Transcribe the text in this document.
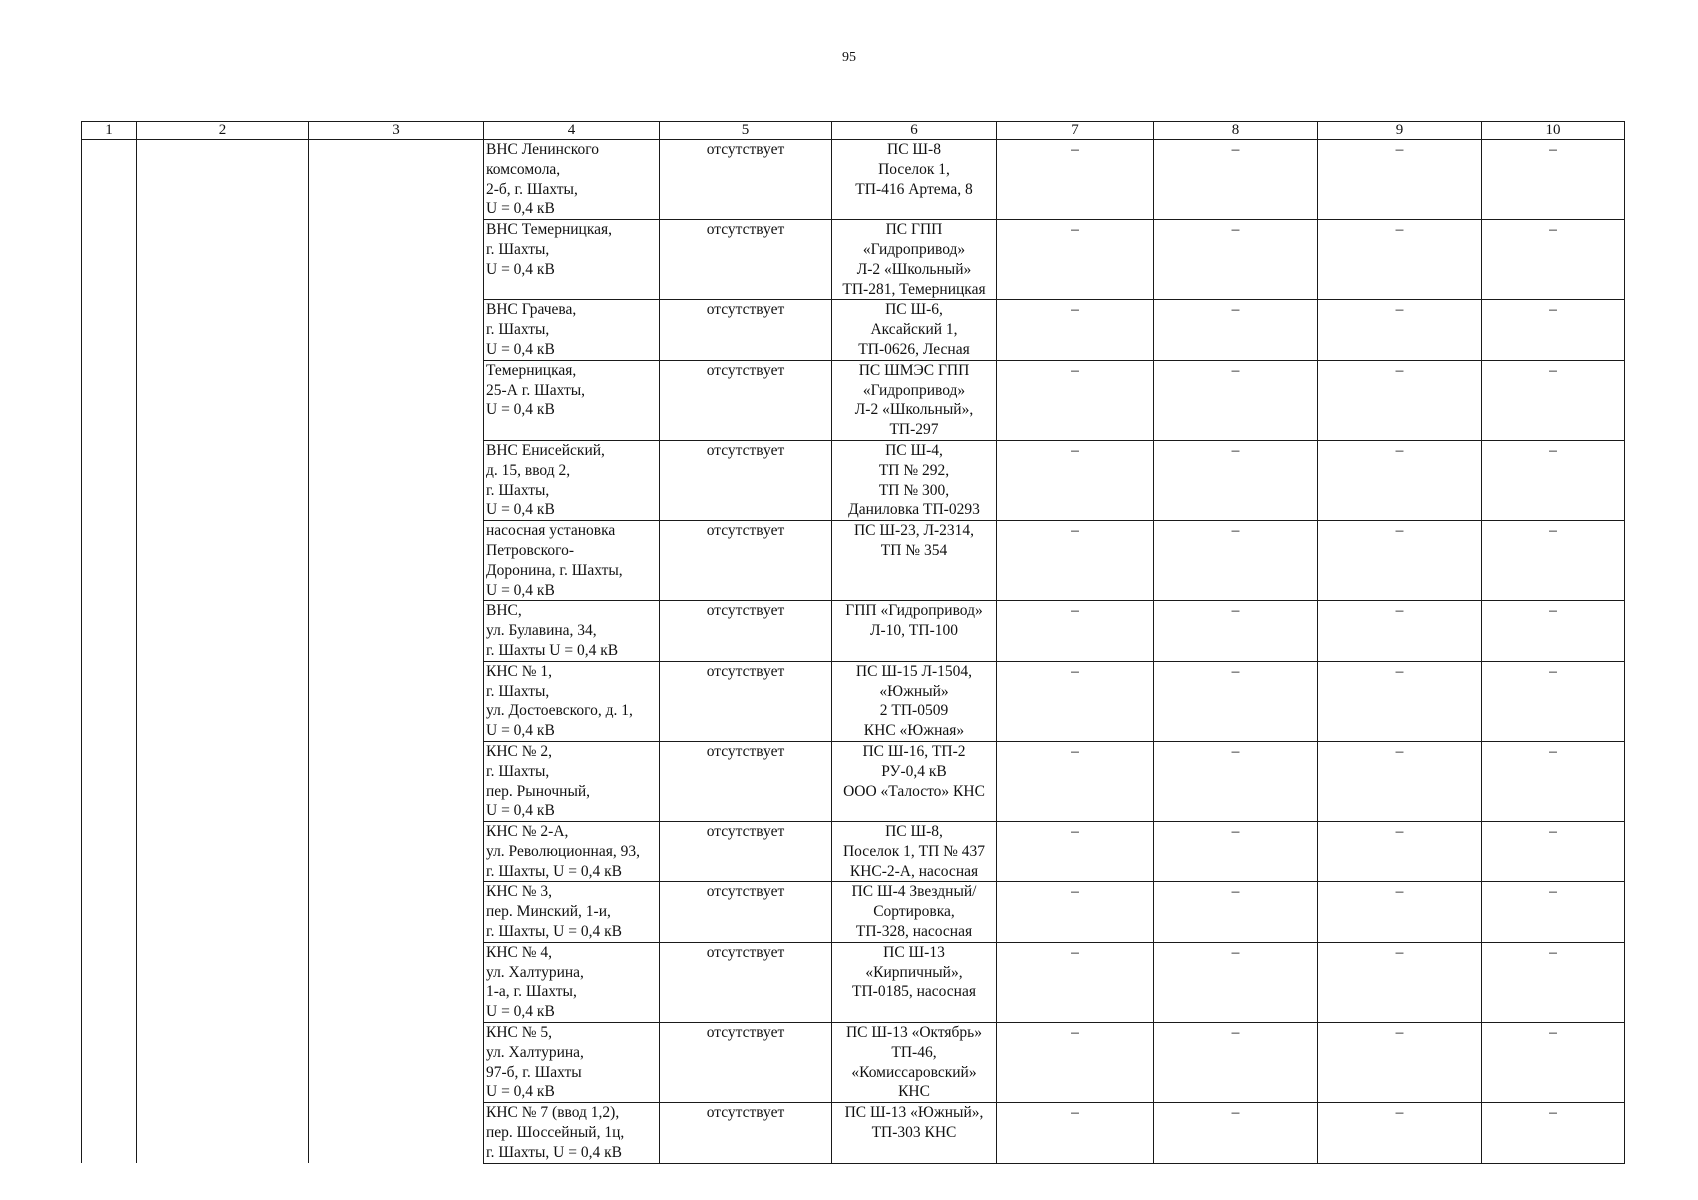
95
1	2	3	4	5	6	7	8	9	10

			ВНС Ленинского
комсомола,
2-б, г. Шахты,
U = 0,4 кВ	отсутствует	ПС Ш-8
Поселок 1,
ТП-416 Артема, 8	–	–	–	–

			ВНС Темерницкая,
г. Шахты,
U = 0,4 кВ	отсутствует	ПС ГПП
«Гидропривод»
Л-2 «Школьный»
ТП-281, Темерницкая	–	–	–	–

			ВНС Грачева,
г. Шахты,
U = 0,4 кВ	отсутствует	ПС Ш-6,
Аксайский 1,
ТП-0626, Лесная	–	–	–	–

			Темерницкая,
25-А г. Шахты,
U = 0,4 кВ	отсутствует	ПС ШМЭС ГПП
«Гидропривод»
Л-2 «Школьный»,
ТП-297	–	–	–	–

			ВНС Енисейский,
д. 15, ввод 2,
г. Шахты,
U = 0,4 кВ	отсутствует	ПС Ш-4,
ТП № 292,
ТП № 300,
Даниловка ТП-0293	–	–	–	–

			насосная установка
Петровского-
Доронина, г. Шахты,
U = 0,4 кВ	отсутствует	ПС Ш-23, Л-2314,
ТП № 354	–	–	–	–

			ВНС,
ул. Булавина, 34,
г. Шахты U = 0,4 кВ	отсутствует	ГПП «Гидропривод»
Л-10, ТП-100	–	–	–	–

			КНС № 1,
г. Шахты,
ул. Достоевского, д. 1,
U = 0,4 кВ	отсутствует	ПС Ш-15 Л-1504,
«Южный»
2 ТП-0509
КНС «Южная»	–	–	–	–

			КНС № 2,
г. Шахты,
пер. Рыночный,
U = 0,4 кВ	отсутствует	ПС Ш-16, ТП-2
РУ-0,4 кВ
ООО «Талосто» КНС	–	–	–	–

			КНС № 2-А,
ул. Революционная, 93,
г. Шахты, U = 0,4 кВ	отсутствует	ПС Ш-8,
Поселок 1, ТП № 437
КНС-2-А, насосная	–	–	–	–

			КНС № 3,
пер. Минский, 1-и,
г. Шахты, U = 0,4 кВ	отсутствует	ПС Ш-4 Звездный/
Сортировка,
ТП-328, насосная	–	–	–	–

			КНС № 4,
ул. Халтурина,
1-а, г. Шахты,
U = 0,4 кВ	отсутствует	ПС Ш-13
«Кирпичный»,
ТП-0185, насосная	–	–	–	–

			КНС № 5,
ул. Халтурина,
97-б, г. Шахты
U = 0,4 кВ	отсутствует	ПС Ш-13 «Октябрь»
ТП-46,
«Комиссаровский»
КНС	–	–	–	–

			КНС № 7 (ввод 1,2),
пер. Шоссейный, 1ц,
г. Шахты, U = 0,4 кВ	отсутствует	ПС Ш-13 «Южный»,
ТП-303 КНС	–	–	–	–
